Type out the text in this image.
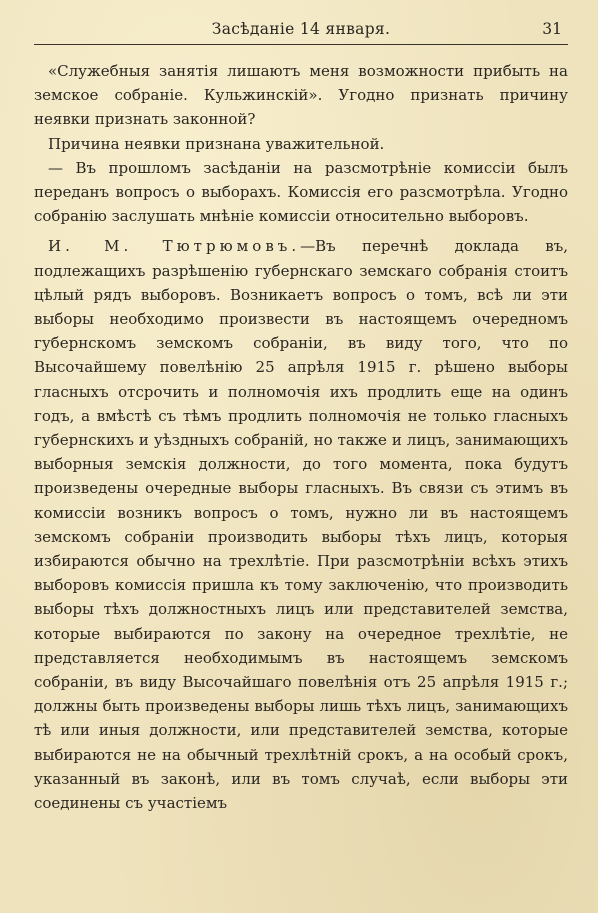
Засѣданіе 14 января.	31

«Служебныя занятія лишаютъ меня возможности прибыть на земское собраніе. Кульжинскій». Угодно признать причину неявки признать законной?

Причина неявки признана уважительной.

— Въ прошломъ засѣданіи на разсмотрѣніе комиссіи былъ переданъ вопросъ о выборахъ. Комиссія его разсмотрѣла. Угодно собранію заслушать мнѣніе комиссіи относительно выборовъ.

И. М. Тютрюмовъ.—Въ перечнѣ доклада въ, подлежащихъ разрѣшенію губернскаго земскаго собранія стоитъ цѣлый рядъ выборовъ. Возникаетъ вопросъ о томъ, всѣ ли эти выборы необходимо произвести въ настоящемъ очередномъ губернскомъ земскомъ собраніи, въ виду того, что по Высочайшему повелѣнію 25 апрѣля 1915 г. рѣшено выборы гласныхъ отсрочить и полномочія ихъ продлить еще на одинъ годъ, а вмѣстѣ съ тѣмъ продлить полномочія не только гласныхъ губернскихъ и уѣздныхъ собраній, но также и лицъ, занимающихъ выборныя земскія должности, до того момента, пока будутъ произведены очередные выборы гласныхъ. Въ связи съ этимъ въ комиссіи возникъ вопросъ о томъ, нужно ли въ настоящемъ земскомъ собраніи производить выборы тѣхъ лицъ, которыя избираются обычно на трехлѣтіе. При разсмотрѣніи всѣхъ этихъ выборовъ комиссія пришла къ тому заключенію, что производить выборы тѣхъ должностныхъ лицъ или представителей земства, которые выбираются по закону на очередное трехлѣтіе, не представляется необходимымъ въ настоящемъ земскомъ собраніи, въ виду Высочайшаго повелѣнія отъ 25 апрѣля 1915 г.; должны быть произведены выборы лишь тѣхъ лицъ, занимающихъ тѣ или иныя должности, или представителей земства, которые выбираются не на обычный трехлѣтній срокъ, а на особый срокъ, указанный въ законѣ, или въ томъ случаѣ, если выборы эти соединены съ участіемъ
